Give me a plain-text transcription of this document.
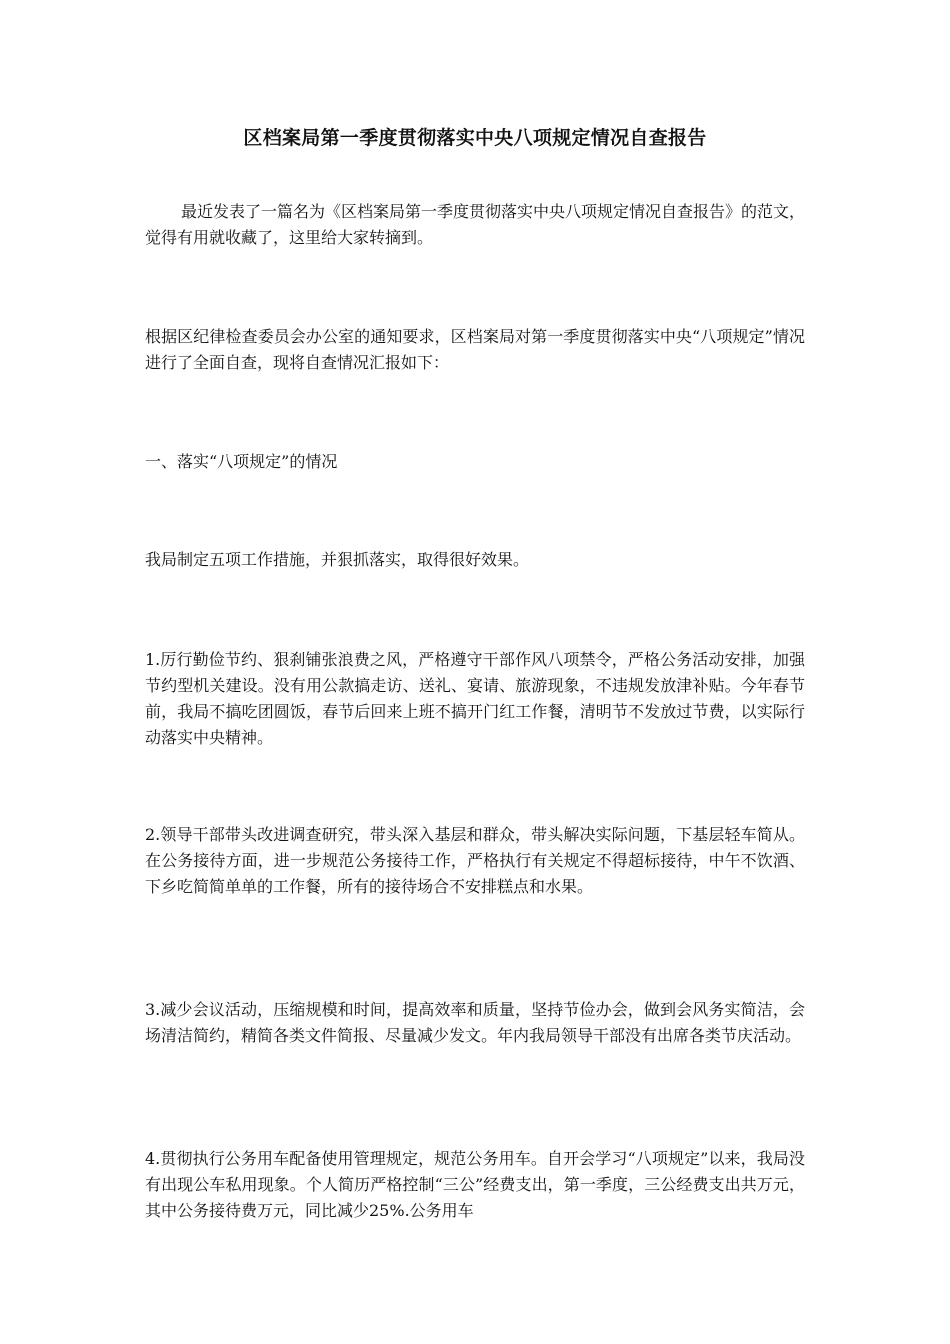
区档案局第一季度贯彻落实中央八项规定情况自查报告

最近发表了一篇名为《区档案局第一季度贯彻落实中央八项规定情况自查报告》的范文，觉得有用就收藏了，这里给大家转摘到。

根据区纪律检查委员会办公室的通知要求，区档案局对第一季度贯彻落实中央“八项规定”情况进行了全面自查，现将自查情况汇报如下：

一、落实“八项规定”的情况

我局制定五项工作措施，并狠抓落实，取得很好效果。

1.厉行勤俭节约、狠刹铺张浪费之风，严格遵守干部作风八项禁令，严格公务活动安排，加强节约型机关建设。没有用公款搞走访、送礼、宴请、旅游现象，不违规发放津补贴。今年春节前，我局不搞吃团圆饭，春节后回来上班不搞开门红工作餐，清明节不发放过节费，以实际行动落实中央精神。

2.领导干部带头改进调查研究，带头深入基层和群众，带头解决实际问题，下基层轻车简从。在公务接待方面，进一步规范公务接待工作，严格执行有关规定不得超标接待，中午不饮酒、下乡吃简简单单的工作餐，所有的接待场合不安排糕点和水果。

3.减少会议活动，压缩规模和时间，提高效率和质量，坚持节俭办会，做到会风务实简洁，会场清洁简约，精简各类文件简报、尽量减少发文。年内我局领导干部没有出席各类节庆活动。

4.贯彻执行公务用车配备使用管理规定，规范公务用车。自开会学习“八项规定”以来，我局没有出现公车私用现象。个人简历严格控制“三公”经费支出，第一季度，三公经费支出共万元，其中公务接待费万元，同比减少25%.公务用车
